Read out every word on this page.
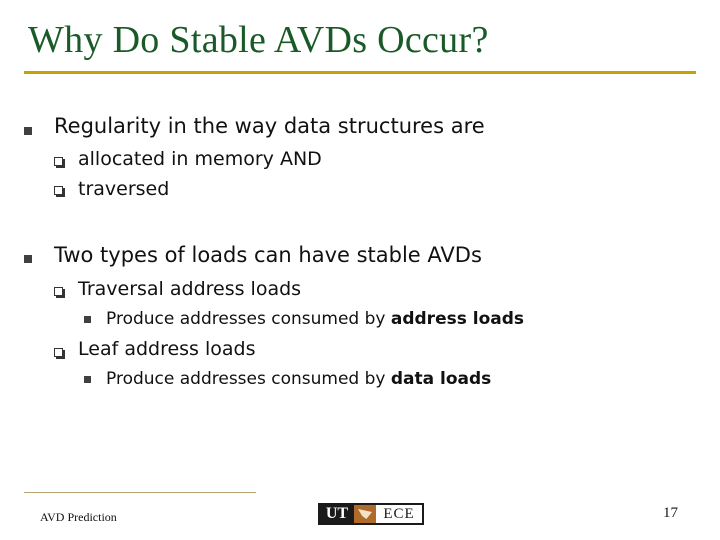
Why Do Stable AVDs Occur?
Regularity in the way data structures are
allocated in memory AND
traversed
Two types of loads can have stable AVDs
Traversal address loads
Produce addresses consumed by address loads
Leaf address loads
Produce addresses consumed by data loads
AVD Prediction	UT	ECE	17
